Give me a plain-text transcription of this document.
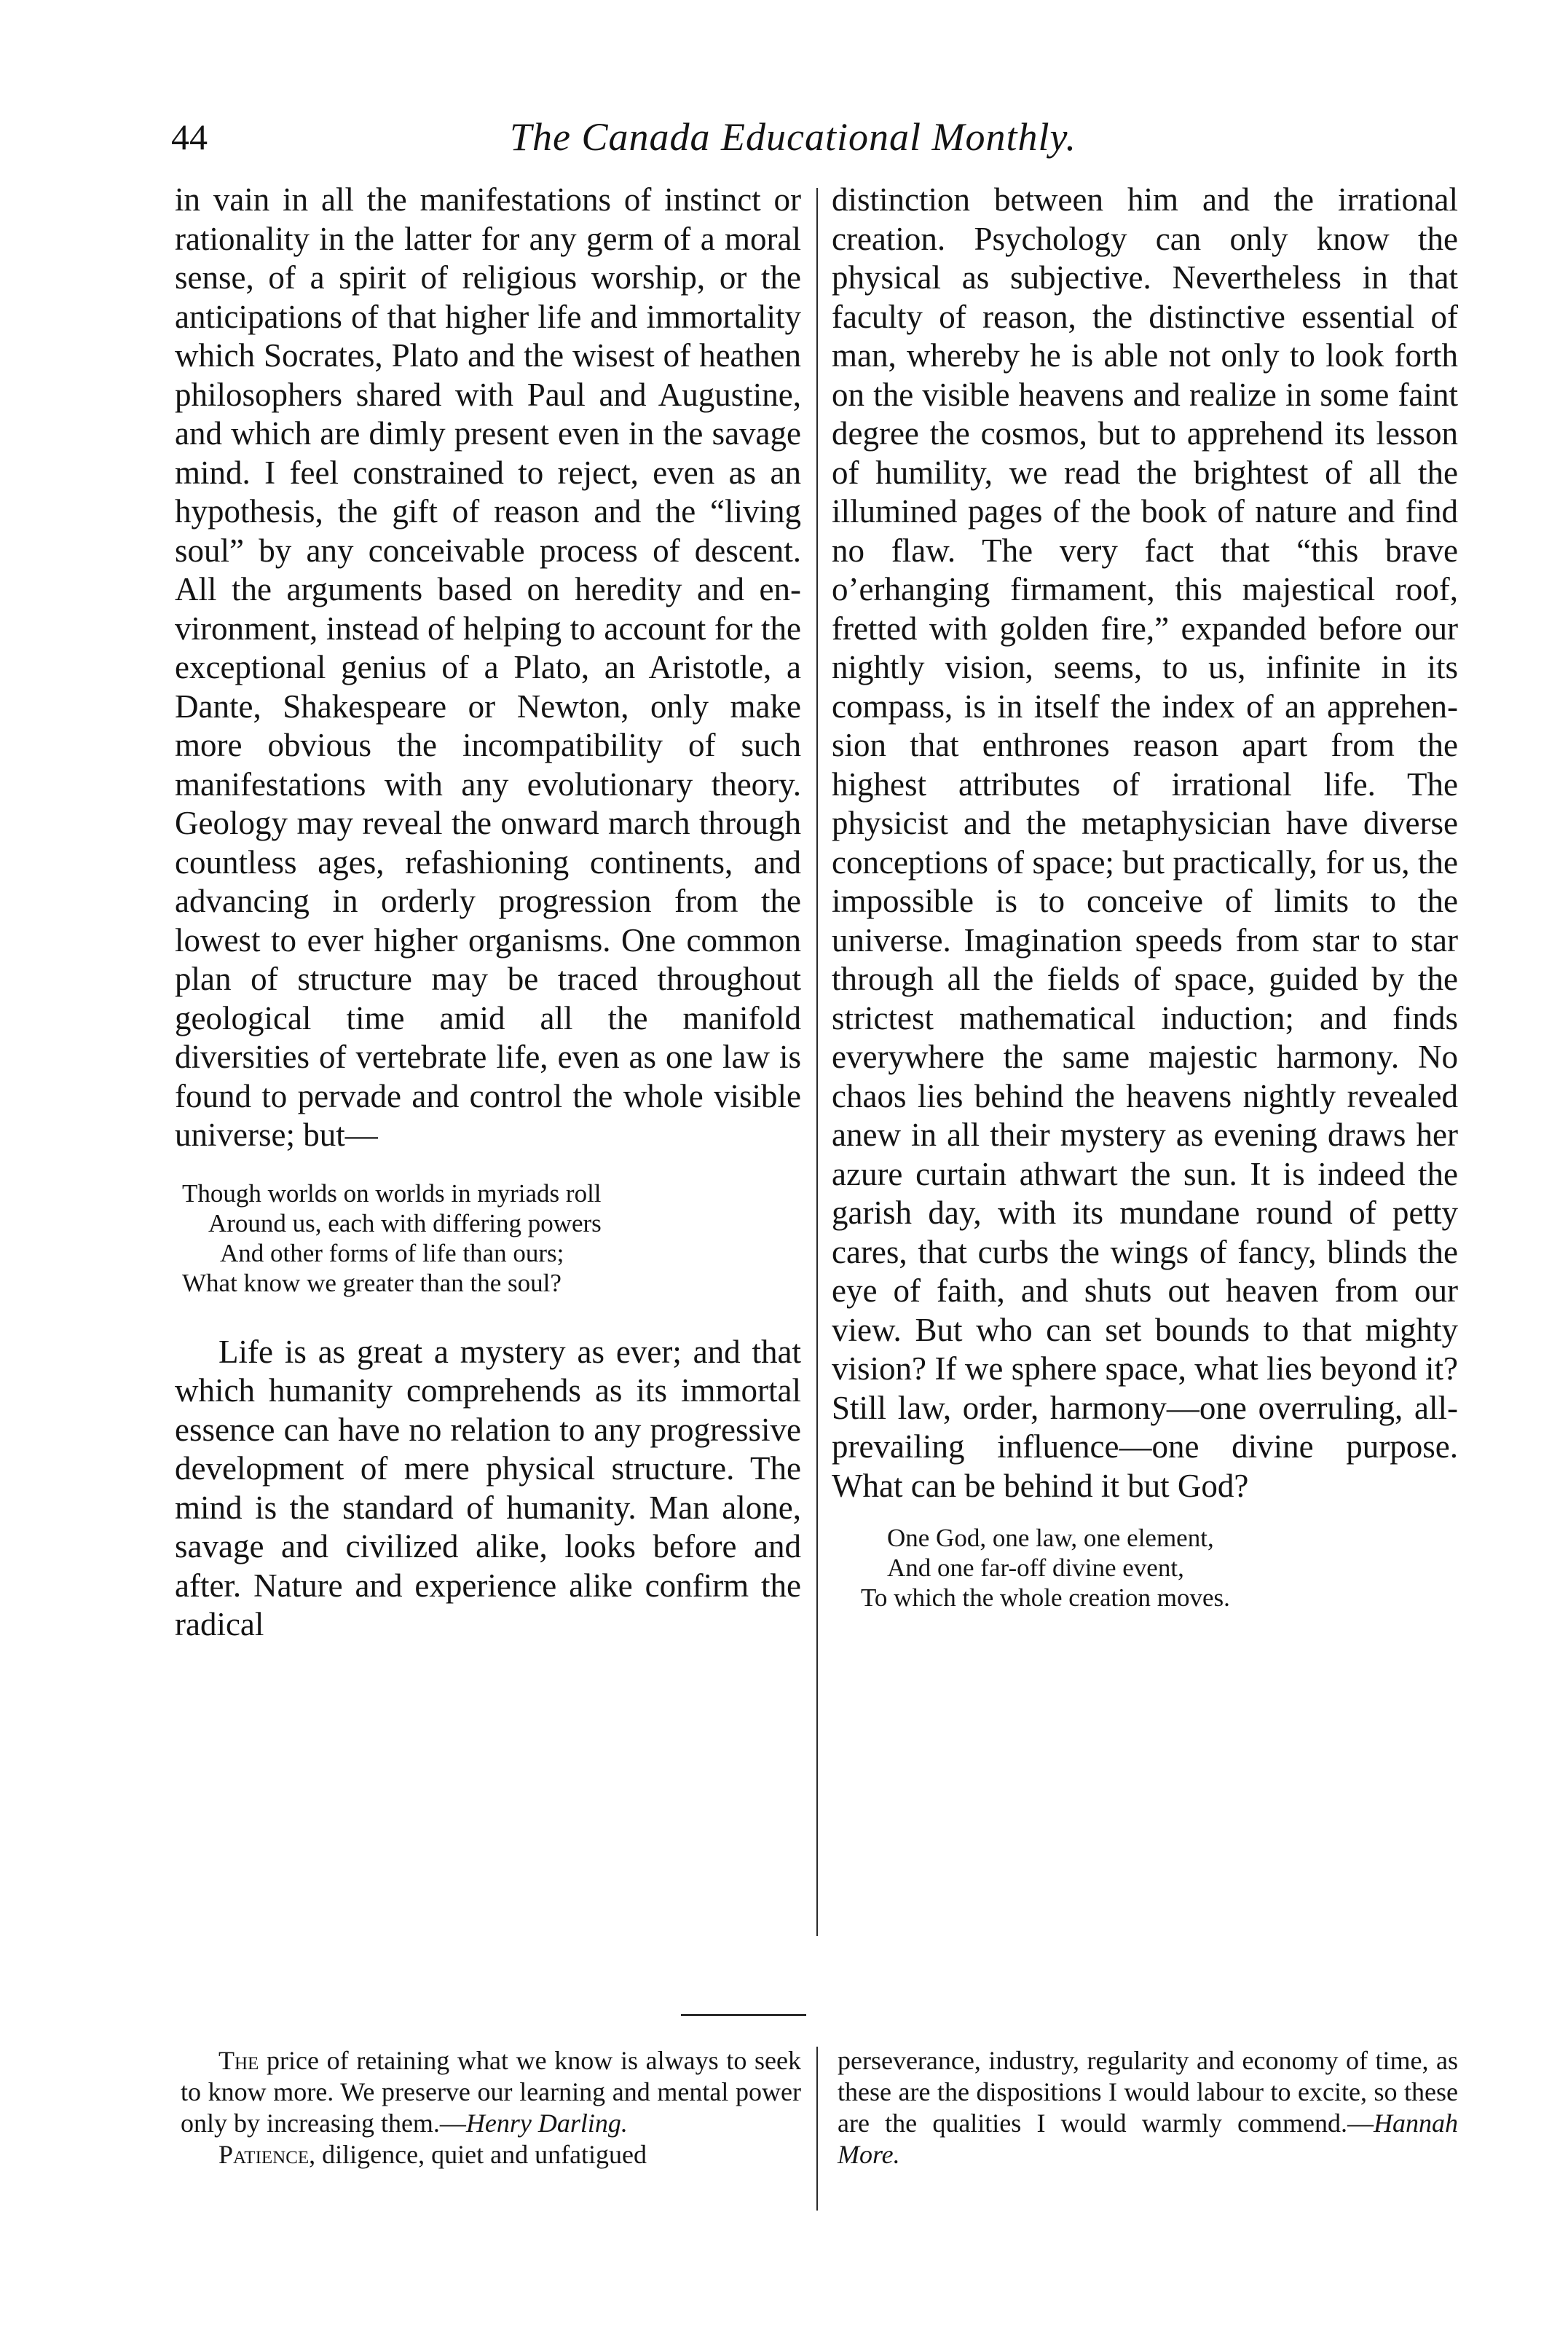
44	The Canada Educational Monthly.

in vain in all the manifestations of instinct or rationality in the latter for any germ of a moral sense, of a spirit of religious worship, or the anticipations of that higher life and immortality which Socrates, Plato and the wisest of heathen philosophers shared with Paul and Augustine, and which are dimly present even in the savage mind. I feel constrained to reject, even as an hypothesis, the gift of reason and the “living soul” by any conceivable process of descent. All the arguments based on heredity and environment, instead of helping to account for the exceptional genius of a Plato, an Aristotle, a Dante, Shakespeare or Newton, only make more obvious the incompatibility of such manifestations with any evolutionary theory. Geology may reveal the onward march through countless ages, refashioning continents, and advancing in orderly progression from the lowest to ever higher organisms. One common plan of structure may be traced throughout geological time amid all the manifold diversities of vertebrate life, even as one law is found to pervade and control the whole visible universe; but—

Though worlds on worlds in myriads roll
Around us, each with differing powers
And other forms of life than ours;
What know we greater than the soul?

Life is as great a mystery as ever; and that which humanity comprehends as its immortal essence can have no relation to any progressive development of mere physical structure. The mind is the standard of humanity. Man alone, savage and civilized alike, looks before and after. Nature and experience alike confirm the radical

distinction between him and the irrational creation. Psychology can only know the physical as subjective. Nevertheless in that faculty of reason, the distinctive essential of man, whereby he is able not only to look forth on the visible heavens and realize in some faint degree the cosmos, but to apprehend its lesson of humility, we read the brightest of all the illumined pages of the book of nature and find no flaw. The very fact that “this brave o’erhanging firmament, this majestical roof, fretted with golden fire,” expanded before our nightly vision, seems, to us, infinite in its compass, is in itself the index of an apprehension that enthrones reason apart from the highest attributes of irrational life. The physicist and the metaphysician have diverse conceptions of space; but practically, for us, the impossible is to conceive of limits to the universe. Imagination speeds from star to star through all the fields of space, guided by the strictest mathematical induction; and finds everywhere the same majestic harmony. No chaos lies behind the heavens nightly revealed anew in all their mystery as evening draws her azure curtain athwart the sun. It is indeed the garish day, with its mundane round of petty cares, that curbs the wings of fancy, blinds the eye of faith, and shuts out heaven from our view. But who can set bounds to that mighty vision? If we sphere space, what lies beyond it? Still law, order, harmony—one overruling, all-prevailing influence—one divine purpose. What can be behind it but God?

One God, one law, one element,
And one far-off divine event,
To which the whole creation moves.

The price of retaining what we know is always to seek to know more. We preserve our learning and mental power only by increasing them.—Henry Darling.

Patience, diligence, quiet and unfatigued

perseverance, industry, regularity and economy of time, as these are the dispositions I would labour to excite, so these are the qualities I would warmly commend.—Hannah More.
